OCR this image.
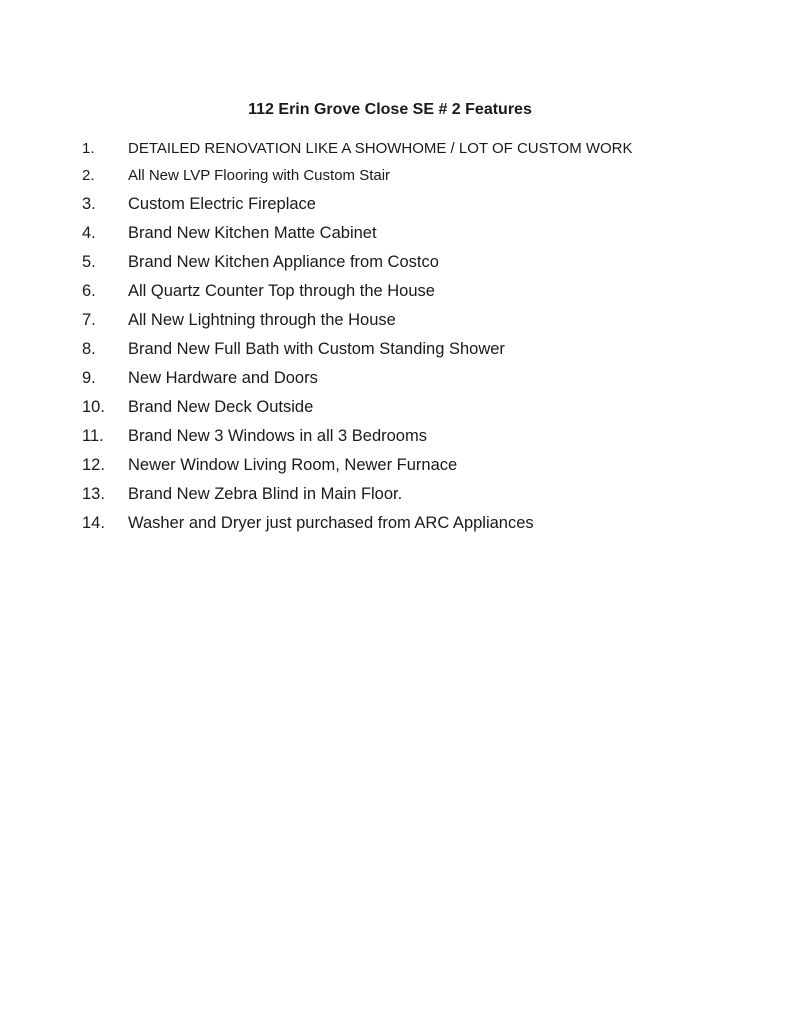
112 Erin Grove Close SE # 2 Features
1.	DETAILED RENOVATION LIKE A SHOWHOME / LOT OF CUSTOM WORK
2.	All New LVP Flooring with Custom Stair
3.	Custom Electric Fireplace
4.	Brand New Kitchen Matte Cabinet
5.	Brand New Kitchen Appliance from Costco
6.	All Quartz Counter Top through the House
7.	All New Lightning through the House
8.	Brand New Full Bath with Custom Standing Shower
9.	New Hardware and Doors
10.	Brand New Deck Outside
11.	Brand New 3 Windows in all 3 Bedrooms
12.	Newer Window Living Room, Newer Furnace
13.	Brand New Zebra Blind in Main Floor.
14.	Washer and Dryer just purchased from ARC Appliances
